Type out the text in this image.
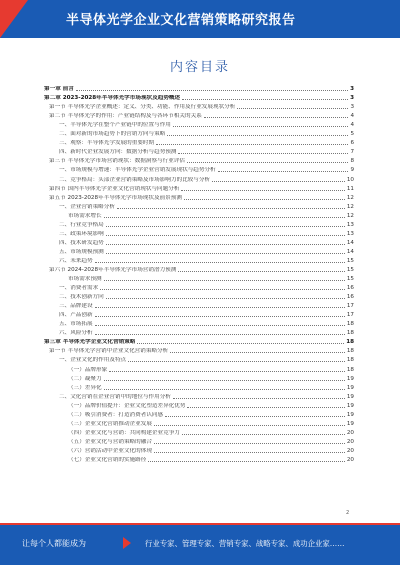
半导体光学企业文化营销策略研究报告
内容目录
第一章 前言	3
第二章 2023-2028年半导体光学市场现状及趋势概述	3
第一节 半导体光学企业概述：定义、分类、功能、作用及行业发展现状分析	3
第二节 半导体光学的作用：产业链结构及与各环节相关的关系	4
一、半导体光学在整个产业链中的位置与作用	4
二、面对新的市场趋势下的营销方向与策略	5
三、观察：半导体光学发展的重要时期	6
四、新时代企业发展方向：数据分析与趋势预测	7
第三节 半导体光学市场营销现状：数据洞察与行业评估	8
一、市场规模与增速：半导体光学企业营销发展现状与趋势分析	9
二、竞争格局：头部企业营销策略及市场影响力的比较与分析	10
第四节 国内半导体光学企业文化营销现状与问题分析	11
第五节 2023-2028年半导体光学市场现状及前景预测	12
一、企业营销策略分析	12
市场需求增长	12
二、行业竞争格局	13
三、政策环境影响	13
四、技术研发趋势	14
五、市场规模预测	14
六、未来趋势	15
第六节 2024-2028年半导体光学市场营销潜力预测	15
市场需求预测	15
一、消费者需求	16
二、技术创新方向	16
三、品牌建设	17
四、产品创新	17
五、市场拓展	18
六、风险分析	18
第三章 半导体光学企业文化营销策略	18
第一节 半导体光学营销中企业文化营销策略分析	18
一、企业文化的作用及特点	18
（一）品牌形象	18
（二）凝聚力	19
（三）差异化	19
二、文化营销在企业营销中的地位与作用分析	19
（一）品牌价值提升：企业文化塑造差异化优势	19
（二）吸引消费者：打造消费者认同感	19
（三）企业文化营销推动企业发展	19
（四）企业文化与营销：共同构建企业竞争力	20
（五）企业文化与营销策略的融合	20
（六）营销活动中企业文化的体现	20
（七）企业文化营销的实施路径	20
2
让每个人都能成为	行业专家、管理专家、营销专家、战略专家、成功企业家……
